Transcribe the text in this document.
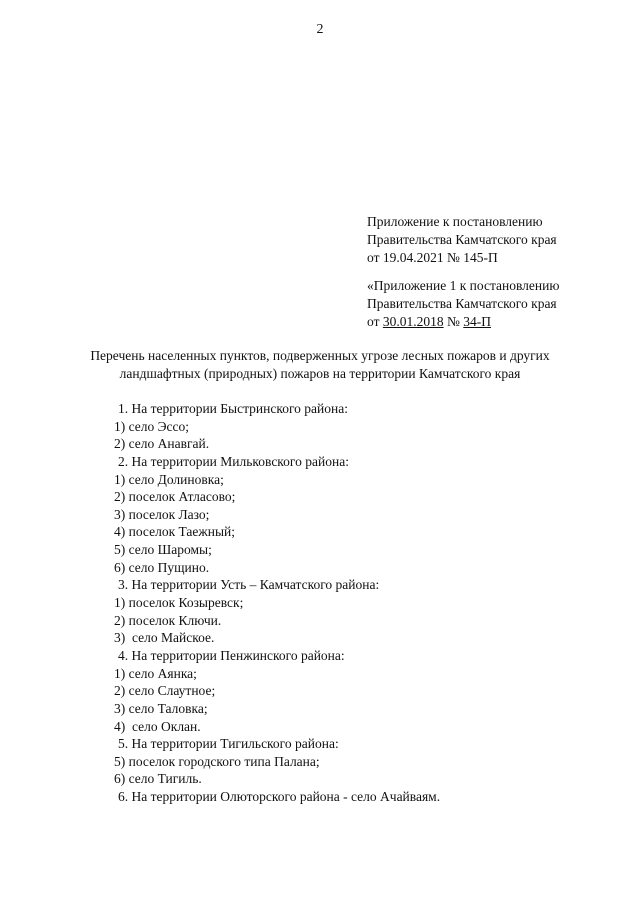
2
Приложение к постановлению
Правительства Камчатского края
от 19.04.2021 № 145-П
«Приложение 1 к постановлению
Правительства Камчатского края
от 30.01.2018 № 34-П
Перечень населенных пунктов, подверженных угрозе лесных пожаров и других
ландшафтных (природных) пожаров на территории Камчатского края
1. На территории Быстринского района:
1) село Эссо;
2) село Анавгай.
2. На территории Мильковского района:
1) село Долиновка;
2) поселок Атласово;
3) поселок Лазо;
4) поселок Таежный;
5) село Шаромы;
6) село Пущино.
3. На территории Усть – Камчатского района:
1) поселок Козыревск;
2) поселок Ключи.
3)  село Майское.
4. На территории Пенжинского района:
1) село Аянка;
2) село Слаутное;
3) село Таловка;
4)  село Оклан.
5. На территории Тигильского района:
5) поселок городского типа Палана;
6) село Тигиль.
6. На территории Олюторского района - село Ачайваям.
